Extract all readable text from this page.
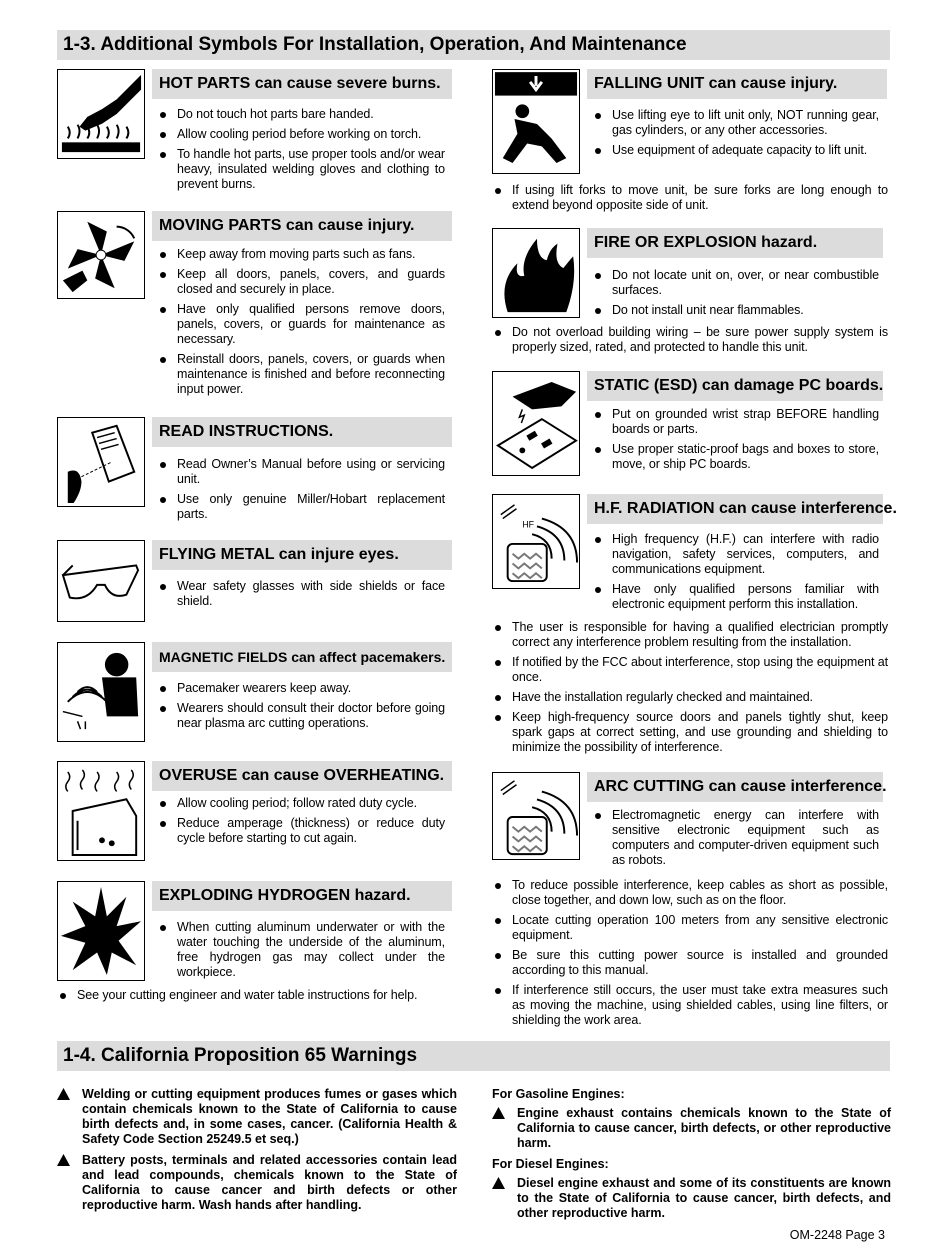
1-3. Additional Symbols For Installation, Operation, And Maintenance
HOT PARTS can cause severe burns.
Do not touch hot parts bare handed.
Allow cooling period before working on torch.
To handle hot parts, use proper tools and/or wear heavy, insulated welding gloves and clothing to prevent burns.
MOVING PARTS can cause injury.
Keep away from moving parts such as fans.
Keep all doors, panels, covers, and guards closed and securely in place.
Have only qualified persons remove doors, panels, covers, or guards for maintenance as necessary.
Reinstall doors, panels, covers, or guards when maintenance is finished and before reconnecting input power.
READ INSTRUCTIONS.
Read Owner’s Manual before using or servicing unit.
Use only genuine Miller/Hobart replacement parts.
FLYING METAL can injure eyes.
Wear safety glasses with side shields or face shield.
MAGNETIC FIELDS can affect pacemakers.
Pacemaker wearers keep away.
Wearers should consult their doctor before going near plasma arc cutting operations.
OVERUSE can cause OVERHEATING.
Allow cooling period; follow rated duty cycle.
Reduce amperage (thickness) or reduce duty cycle before starting to cut again.
EXPLODING HYDROGEN hazard.
When cutting aluminum underwater or with the water touching the underside of the aluminum, free hydrogen gas may collect under the workpiece.
See your cutting engineer and water table instructions for help.
FALLING UNIT can cause injury.
Use lifting eye to lift unit only, NOT running gear, gas cylinders, or any other accessories.
Use equipment of adequate capacity to lift unit.
If using lift forks to move unit, be sure forks are long enough to extend beyond opposite side of unit.
FIRE OR EXPLOSION hazard.
Do not locate unit on, over, or near combustible surfaces.
Do not install unit near flammables.
Do not overload building wiring – be sure power supply system is properly sized, rated, and protected to handle this unit.
STATIC (ESD) can damage PC boards.
Put on grounded wrist strap BEFORE handling boards or parts.
Use proper static-proof bags and boxes to store, move, or ship PC boards.
HF
H.F. RADIATION can cause interference.
High frequency (H.F.) can interfere with radio navigation, safety services, computers, and communications equipment.
Have only qualified persons familiar with electronic equipment perform this installation.
The user is responsible for having a qualified electrician promptly correct any interference problem resulting from the installation.
If notified by the FCC about interference, stop using the equipment at once.
Have the installation regularly checked and maintained.
Keep high-frequency source doors and panels tightly shut, keep spark gaps at correct setting, and use grounding and shielding to minimize the possibility of interference.
ARC CUTTING can cause interference.
Electromagnetic energy can interfere with sensitive electronic equipment such as computers and computer-driven equipment such as robots.
To reduce possible interference, keep cables as short as possible, close together, and down low, such as on the floor.
Locate cutting operation 100 meters from any sensitive electronic equipment.
Be sure this cutting power source is installed and grounded according to this manual.
If interference still occurs, the user must take extra measures such as moving the machine, using shielded cables, using line filters, or shielding the work area.
1-4. California Proposition 65 Warnings
Welding or cutting equipment produces fumes or gases which contain chemicals known to the State of California to cause birth defects and, in some cases, cancer. (California Health & Safety Code Section 25249.5 et seq.)
Battery posts, terminals and related accessories contain lead and lead compounds, chemicals known to the State of California to cause cancer and birth defects or other reproductive harm. Wash hands after handling.
For Gasoline Engines:
Engine exhaust contains chemicals known to the State of California to cause cancer, birth defects, or other reproductive harm.
For Diesel Engines:
Diesel engine exhaust and some of its constituents are known to the State of California to cause cancer, birth defects, and other reproductive harm.
OM-2248 Page 3
